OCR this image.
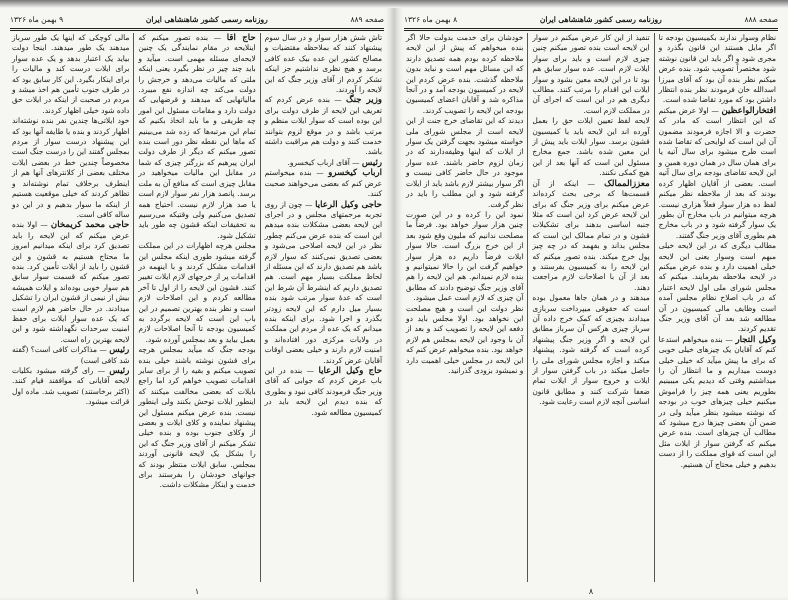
صفحه ۸۸۹
روزنامه رسمی کشور شاهنشاهی ایران
۹ بهمن ماه ۱۳۲۶

تاش شش هزار سوار و در سال سوم پیشنهاد کنند که بملاحظه مقتضیات و مصالح کشور این عده بیک عده کافی برسد و هیچ نظری نداشتیم جز اینکه تشکر کردم از آقای وزیر جنگ که این لایحه را آوردند.

وزیر جنگ — بنده عرض کردم که تعریف این لایحه از طرف دولت برای این بوده است که سوار ایلات منظم و مرتب باشد و در موقع لزوم بتوانند خدمت کنند و دولت هم مراقبت داشته باشد.

رئیس — آقای ارباب کیخسرو.

ارباب کیخسرو — بنده میخواستم عرض کنم که بعضی می‌خواهند صحبت کنند.

حاجی وکیل الرعایا — چون از روی تجربه مرحمتهای مجلس و در اجرای این لایحه بعضی مشکلات بنده میدهم این است که بنده عرض می‌کنم چطور نظر در این لایحه اصلاحی می‌شود و بعضی تصدیق نمی‌کنند که سوار لازم باشد هم تصدیق دارند که این مسئله از لحاظ مملکت بسیار مهم است. هم تصدیق داریم که اینشرط آن شرط این است که عدهٔ سوار مرتب شود بنده بسیار میل دارم که این لایحه زودتر بگذرد و اجرا شود. برای اینکه بنده میدانم که یک عده از مردم این مملکت در ولایات مرکزی دور افتاده‌اند و امنیت لازم دارند و خیلی بعضی اوقات آقایان عرض کردند.

حاج وکیل الرعایا — بنده در این باب عرض کردم که جوابی که آقای وزیر جنگ فرمودند کافی نبود و بطوری که بنده دیدم این لایحه باید در کمیسیون مطالعه شود.

حاج آقا — بنده تصور میکنم که اینلایحه در مقام نمایندگی یک چنین لایحه‌ای مسئله مهمی است. میآید و باید چند چیز در نظر بگیرد یعنی اینکه ملتی که مالیات می‌دهد و خرجش را دولت می‌کند چه اندازه نفع میبرد. مالیاتهایی که میدهند و قرضهایی که دولت دارد و مقامات مسئول این امور چه طریقی و ما باید اتخاذ بکنیم که تمام این مرتبه‌ها که زده شد می‌بینیم که ماها این نقطه نظر دور است بنده تصور میکنم که دیگر از طرف دولت ایران پیرهیم که بزرگتر چیزی که شما در مقابل این مالیات میخواهید در مقابل چیزی است که منافع آن به ملت برسد. پانصد هزار نفر سوار لازم است یا صد هزار لازم نیست. احتیاج همه تصدیق می‌کنیم ولی وقتیکه می‌رسیم به تحقیقات اینکه قشون چه طور باید تشکیل شود.

مجلس هرچه اظهارات در این مملکت گرفته میشود طوری اینکه مجلس این اقدامات مشکل کردند و با اینهمه در اقدامات پر از خرجهای لازم ایلات تغییر کنند. قشون این لایحه را از اول تا آخر مطالعه کردم و این اصلاحات لازم است و نظر بنده بهترین تصمیم در این باب این است که لایحه برگردد به کمیسیون بودجه تا آنجا اصلاحات لازم بعمل بیاید و بعد بمجلس آورده شود.

بودجه جنگ که میآید بمجلس هرچه برای قشون نوشته باشند خیلی بنده تصویب میکنم و بقیه را از برای سایر اقدامات تصویب خواهم کرد اما راجع بایلات که بعضی مخالفت میکنند که اینطور ایلات توحش بکنند ولی اینطور نیست. بنده عرض میکنم مسئول این پیشنهاد نماینده و کلای ایلات و بعضی از وکلای جنوب بوده و بنده خیلی تشکر میکنم از آقای وزیر جنگ که این را بشکل یک لایحه قانونی آوردند بمجلس. سابق ایلات منتظر بودند که جوانهای خودشان را بفرستند برای خدمت و اینکار مشکلات داشت.

مالی کوچکی که اینها یک طور سرباز میدهند یک طور میدهند. اینجا دولت بیاید یک اعتبار بدهد و یک عده سوار برای ایلات درست کند و مالیات را برای اینکار بگیرد. این کار سابق بود که در طرف جنوب تأمین هم اخذ میشد و مردم در صحبت از اینکه در ایلات حق داده شود خیلی اظهار کردند.

خود ایلاتی‌ها چندین نفر بنده نوشته‌اند اظهار کردند و بنده یا طایفه آنها بود که این پیشنهاد درست سوار از مردم بمجلس گفتند این را درست جنگ است مخصوصاً چندین خط در بعضی ایلات مختلف بعضی از کلانترهای آنها هم از اینطرف برخلاف تمام نوشته‌اند و تظاهر کردند که خیلی موقعیت هستیم از اینکه ما سوار بدهیم و در این دو ساله کافی است.

حاجی محمد کریمخان — اولا بنده عرض میکنم که این لایحه را باید تصدیق کرد برای اینکه میدانیم امروز ما محتاج هستیم به قشون و این قشون را باید از ایلات تأمین کرد. بنده تصور میکنم که قسمت سوار سابق هم سوار خوبی بوده‌اند و ایلات همیشه بیش از نیمی از قشون ایران را تشکیل میدادند. در حال حاضر هم لازم است که یک عده سوار ایلات برای حفظ امنیت سرحدات نگهداشته شود و این لایحه بهترین راه است.

رئیس — مذاکرات کافی است؟ (گفته شد کافی است)

رئیس — رای گرفته میشود بکلیات لایحه آقایانی که موافقند قیام کنند. (اکثر برخاستند) تصویب شد. ماده اول قرائت میشود.

۱
صفحه ۸۸۸
روزنامه رسمی کشور شاهنشاهی ایران
۸ بهمن ماه ۱۳۲۶

نظام وسوار ندارند بکمیسیون بودجه تا اگر مایل هستند این قانون بگذرد و مجری شود و اگر باید این قانون نوشته شود مختصراً تصویب شود. بنده عرض میکنم نظر بنده آن بود که آقای میرزا اسدالله خان فرمودند نظر بنده انتظار داشتن بود که مورد تقاضا شده است.

افتخارالواعظین — اولا عرض میکنم که این انتظار است که مادر که حضرت و الا اجازه فرمودند مضمون آن این است که لوایحی که تقاضا شده است طرح میشود برای سال آتیه یا برای همان سال در همان دوره همین و این لایحه تقاضای بودجه برای سال آتیه است. بعضی از آقایان اظهار کرده بودند که بعد از ملاحظه نظر میکنم لفظ ده هزار سوار فعلاً هزاری نیست. هرچه میتوانیم در باب مخارج آن بطور یک سوار گرفته شود و در باب مخارج هم بطوری آقای وزیر جنگ گفتند.

مطالب دیگری که در این لایحه خیلی مبهم است وسوار یعنی این لایحه خیلی اهمیت دارد و بنده عرض میکنم در لایحه ملاحظه بفرمایند. میکنم که مجلس شورای ملی اول لایحه اعتبار که در باب اصلاح نظام مجلس آمده است وظایف مالی کمیسیون در آن مطالعه شد بعد آن آقای وزیر جنگ تقدیم کردند.

وکیل التجار — بنده میخواهم استدعا کنم که آقایان یک چیزهای خیلی خوبی که برای ما پیش میآید که خیلی خیلی دوست میداریم و ما انتظار آن را میداشتیم وقتی که دیدیم یکی میبینیم بطوریم یعنی همه چیز را فراموش میکنیم خیلی چیزهای خوب در بودجه که نوشته میشود بنظر میآید ولی در ضمن آن بعضی چیزها درج میشود که مطالب آن چیزهای است. بنده عرض میکنم که گرفتن سوار از ایلات مثل این است که قوای مملکت را از دست بدهیم و خیلی محتاج آن هستیم.

تنفیذ از این کار عرض میکنم در سوار این لایحه است بنده تصور میکنم چنین چیزی لازم است و باید برای سوار ایلات لازم است. عده سوار سابق هم بود تا در این لایحه معین بشود و سوار ایلات این اقدام را مرتب کنند. مطالب دیگری هم در این است که اجرای آن در مملکت لازم است.

لایحه لفظ تعیین ایلات حق را بعمل آورده اند این لایحه باید با کمیسیون قشون برسد. سوار ایلات باید پیش از این معین شده باشد. جمع مخارج مسئول این است که آنها بعد از این هیچ کمکی نکنند.

معززالممالک — اینکه از آن قسمت‌ها که برخی بحث کرده‌اند عرض میکنم برای وزیر جنگ که برای این لایحه عرض کرد این است که مثلا جنبه اساسی بدهند برای تشکیلات قشون و در تمام ممالک این است که مجلس بداند و بفهمد که در چه چیز پول خرج میکند. بنده تصور میکنم که این لایحه را به کمیسیون بفرستند و بعد از آن با اصلاحات لازم مراجعت دهند.

میدهند و در همان جاها معمول بوده است که حقوقی میپرداخت سربازی میدادند بچیزی که کمک خرج داده آن سرباز چیزی هرکس آن سرباز مطابق این لایحه و اگر وزیر جنگ پیشنهاد کرده است که گرفته شود. پیشنهاد میکند و اجازه مجلس شورای ملی را حاصل میکند در باب گرفتن سوار از ایلات و خروج سوار از ایلات تمام ضعفا شرکت کنند و مطابق قانون اساسی آنچه لازم است رعایت شود.

خودشان برای خدمت بدولت حالا اگر بنده میخواهم که پیش از این لایحه ملاحظه کرده بودم همه تصدیق دارند که این مسائل مهم است و نباید بدون ملاحظه گذشت. بنده عرض کردم این لایحه در کمیسیون بودجه آمد و در آنجا مذاکره شد و آقایان اعضای کمیسیون بودجه این لایحه را تصویب کردند.

دیدند که این تقاضای خرج جنت از این لایحه است از مجلس شورای ملی خواسته میشود بجهت گرفتن یک سوار از ایلات که اینها وظیفه‌دارند که در زمان لزوم حاضر باشند. عده سوار موجود در حال حاضر کافی نیست و اگر سوار بیشتر لازم باشد باید از ایلات گرفته شود و این مطلب را باید در نظر گرفت.

نمود این را کرده و در این صورت چنین هزار سوار خواهد بود. فرضاً ما مصلحت ندانیم که ملیون وقع شود بعد از این خرج بزرگ است. حالا سوار ایلات فرضاً داریم ده هزار سوار خواهیم گرفت این را حالا نمیتوانیم و بنده لازم نمیدانم. هم این لایحه را هم آقای وزیر جنگ توضیح دادند که مطابق آن چیزی که لازم است عمل میشود.

نظر دولت این است و هیچ مصلحت این نخواهد بود. اولا مجلس باید دو دفعه این لایحه را تصویب کند و بعد از آن با وجود این لایحه بمجلس هم لازم خواهد بود. بنده میخواهم عرض کنم که این لایحه در مجلس خیلی اهمیت دارد و نمیشود بزودی گذرانید.

۸
